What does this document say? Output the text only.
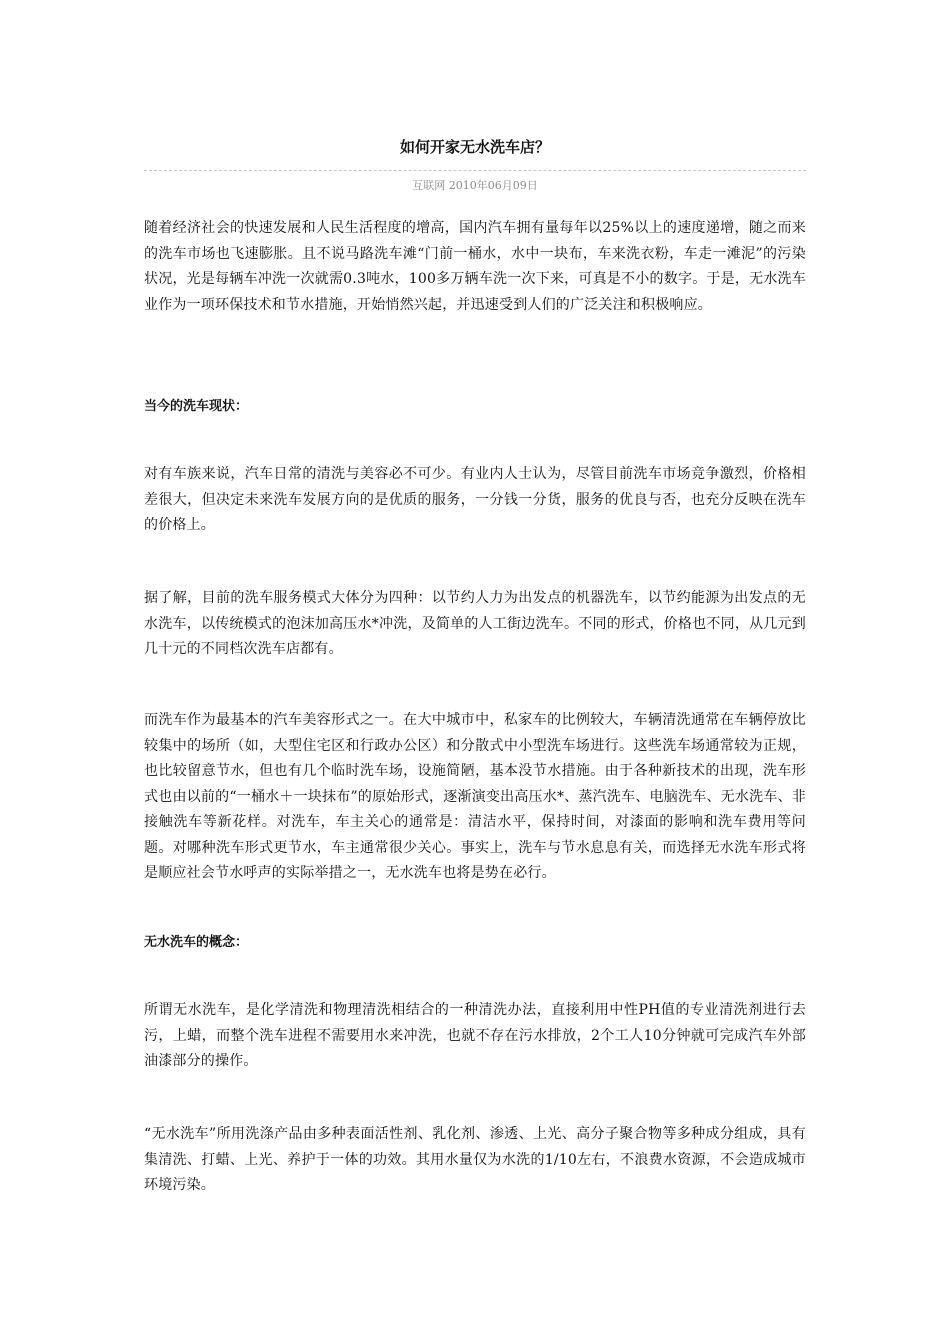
如何开家无水洗车店？
互联网 2010年06月09日

随着经济社会的快速发展和人民生活程度的增高，国内汽车拥有量每年以25%以上的速度递增，随之而来的洗车市场也飞速膨胀。且不说马路洗车滩“门前一桶水，水中一块布，车来洗衣粉，车走一滩泥”的污染状况，光是每辆车冲洗一次就需0.3吨水，100多万辆车洗一次下来，可真是不小的数字。于是，无水洗车业作为一项环保技术和节水措施，开始悄然兴起，并迅速受到人们的广泛关注和积极响应。

当今的洗车现状：

对有车族来说，汽车日常的清洗与美容必不可少。有业内人士认为，尽管目前洗车市场竞争激烈，价格相差很大，但决定未来洗车发展方向的是优质的服务，一分钱一分货，服务的优良与否，也充分反映在洗车的价格上。

据了解，目前的洗车服务模式大体分为四种：以节约人力为出发点的机器洗车，以节约能源为出发点的无水洗车，以传统模式的泡沫加高压水*冲洗，及简单的人工街边洗车。不同的形式，价格也不同，从几元到几十元的不同档次洗车店都有。

而洗车作为最基本的汽车美容形式之一。在大中城市中，私家车的比例较大，车辆清洗通常在车辆停放比较集中的场所（如，大型住宅区和行政办公区）和分散式中小型洗车场进行。这些洗车场通常较为正规，也比较留意节水，但也有几个临时洗车场，设施简陋，基本没节水措施。由于各种新技术的出现，洗车形式也由以前的“一桶水＋一块抹布”的原始形式，逐渐演变出高压水*、蒸汽洗车、电脑洗车、无水洗车、非接触洗车等新花样。对洗车，车主关心的通常是：清洁水平，保持时间，对漆面的影响和洗车费用等问题。对哪种洗车形式更节水，车主通常很少关心。事实上，洗车与节水息息有关，而选择无水洗车形式将是顺应社会节水呼声的实际举措之一，无水洗车也将是势在必行。

无水洗车的概念：

所谓无水洗车，是化学清洗和物理清洗相结合的一种清洗办法，直接利用中性PH值的专业清洗剂进行去污，上蜡，而整个洗车进程不需要用水来冲洗，也就不存在污水排放，2个工人10分钟就可完成汽车外部油漆部分的操作。

“无水洗车”所用洗涤产品由多种表面活性剂、乳化剂、渗透、上光、高分子聚合物等多种成分组成，具有集清洗、打蜡、上光、养护于一体的功效。其用水量仅为水洗的1/10左右，不浪费水资源，不会造成城市环境污染。
